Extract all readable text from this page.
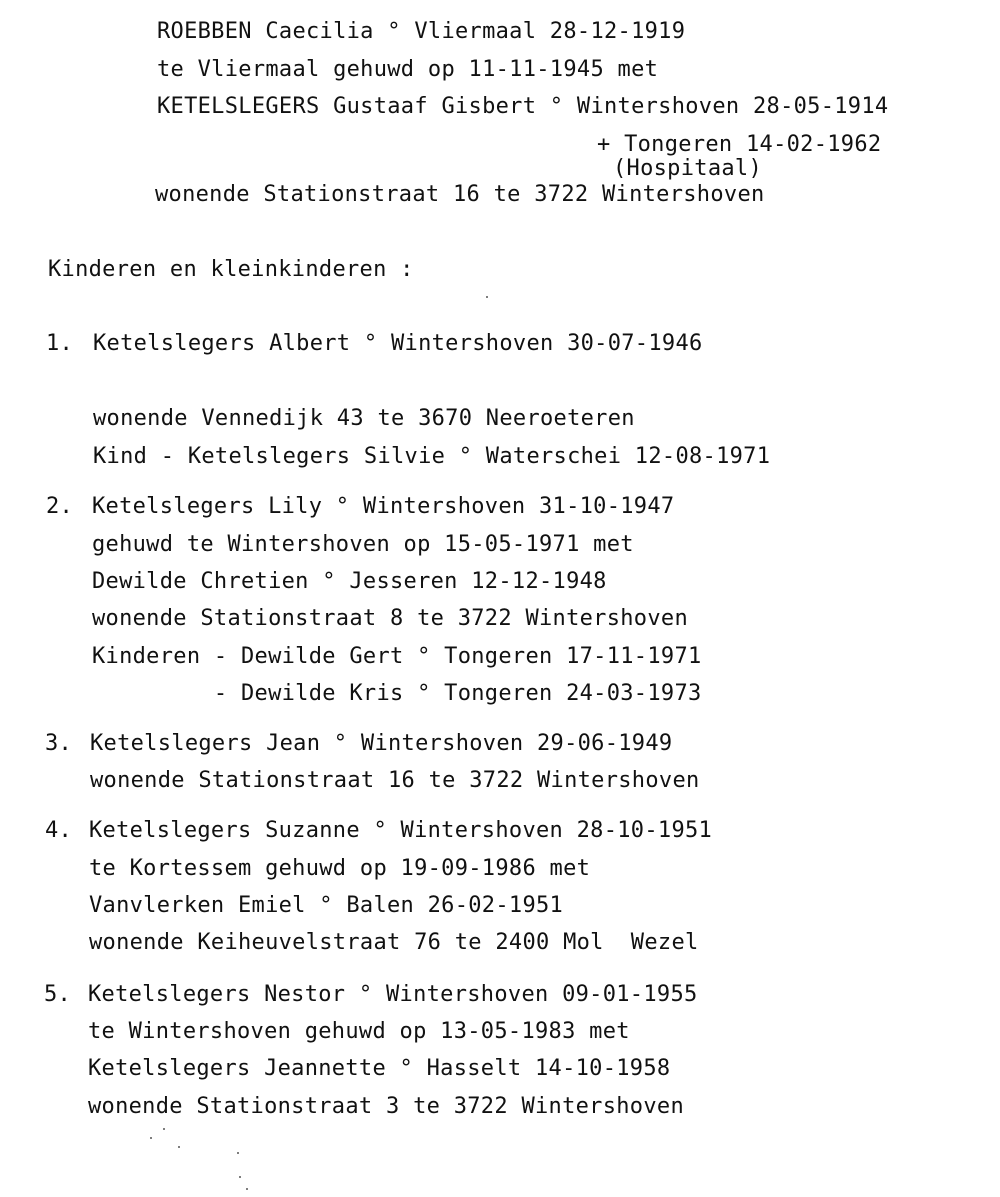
ROEBBEN Caecilia ° Vliermaal 28-12-1919
te Vliermaal gehuwd op 11-11-1945 met
KETELSLEGERS Gustaaf Gisbert ° Wintershoven 28-05-1914
+ Tongeren 14-02-1962
(Hospitaal)
wonende Stationstraat 16 te 3722 Wintershoven
Kinderen en kleinkinderen :
1. Ketelslegers Albert ° Wintershoven 30-07-1946
wonende Vennedijk 43 te 3670 Neeroeteren
Kind - Ketelslegers Silvie ° Waterschei 12-08-1971
2. Ketelslegers Lily ° Wintershoven 31-10-1947
gehuwd te Wintershoven op 15-05-1971 met
Dewilde Chretien ° Jesseren 12-12-1948
wonende Stationstraat 8 te 3722 Wintershoven
Kinderen - Dewilde Gert ° Tongeren 17-11-1971
- Dewilde Kris ° Tongeren 24-03-1973
3. Ketelslegers Jean ° Wintershoven 29-06-1949
wonende Stationstraat 16 te 3722 Wintershoven
4. Ketelslegers Suzanne ° Wintershoven 28-10-1951
te Kortessem gehuwd op 19-09-1986 met
Vanvlerken Emiel ° Balen 26-02-1951
wonende Keiheuvelstraat 76 te 2400 Mol  Wezel
5. Ketelslegers Nestor ° Wintershoven 09-01-1955
te Wintershoven gehuwd op 13-05-1983 met
Ketelslegers Jeannette ° Hasselt 14-10-1958
wonende Stationstraat 3 te 3722 Wintershoven
